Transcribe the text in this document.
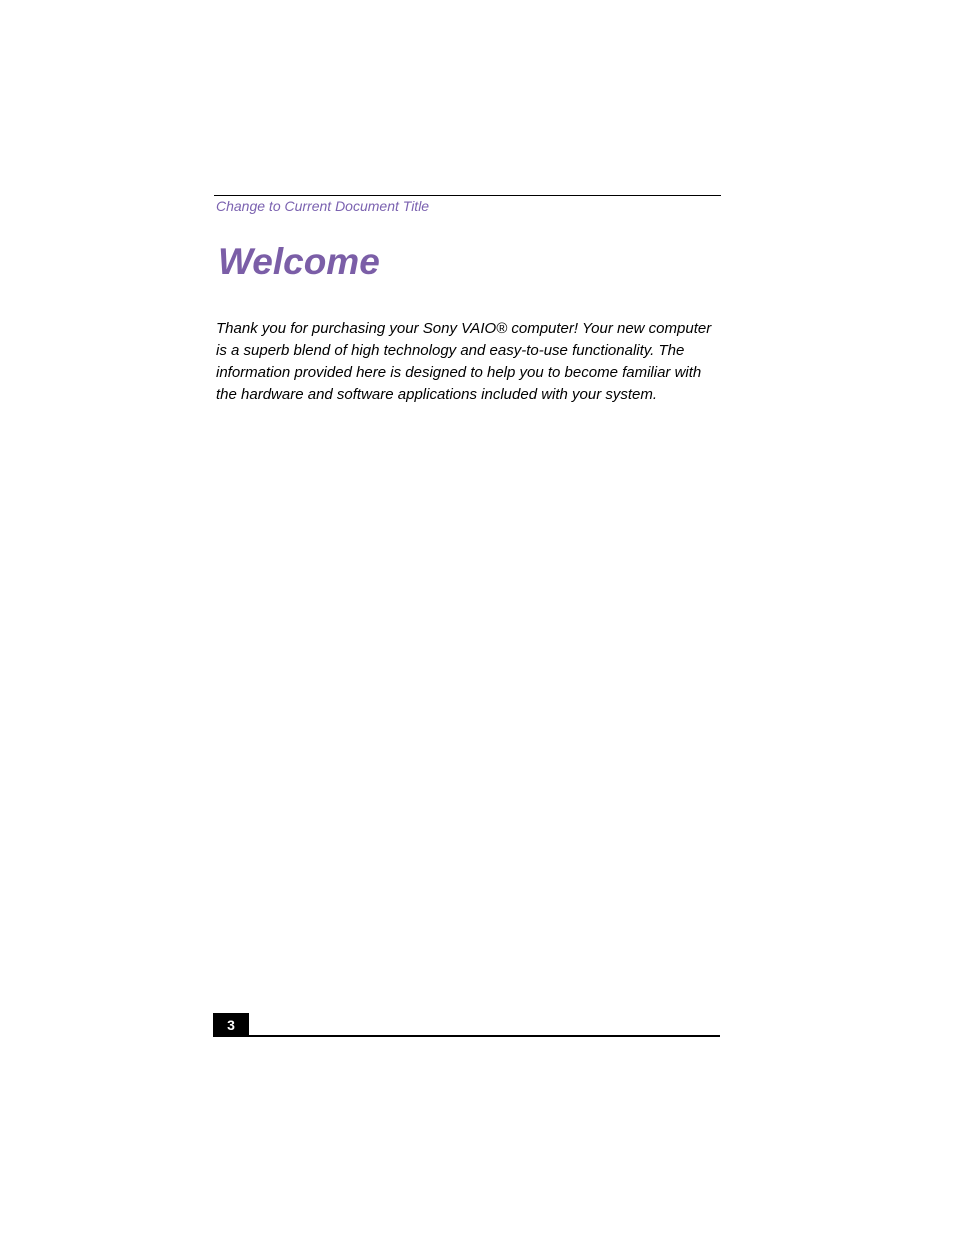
Change to Current Document Title
Welcome

Thank you for purchasing your Sony VAIO® computer! Your new computer is a superb blend of high technology and easy-to-use functionality. The information provided here is designed to help you to become familiar with the hardware and software applications included with your system.

3
